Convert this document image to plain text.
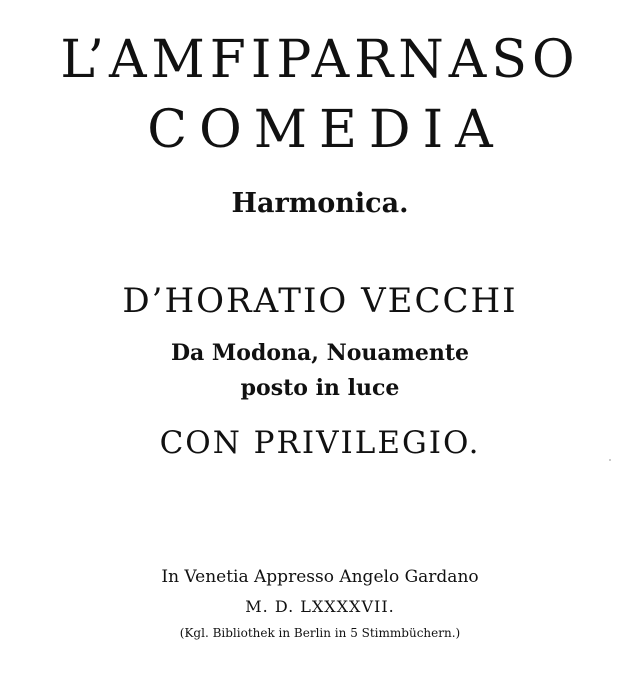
L’AMFIPARNASO
COMEDIA
Harmonica.
D’HORATIO VECCHI
Da Modona, Nouamente
posto in luce
CON PRIVILEGIO.
In Venetia Appresso Angelo Gardano
M. D. LXXXXVII.
(Kgl. Bibliothek in Berlin in 5 Stimmbüchern.)
